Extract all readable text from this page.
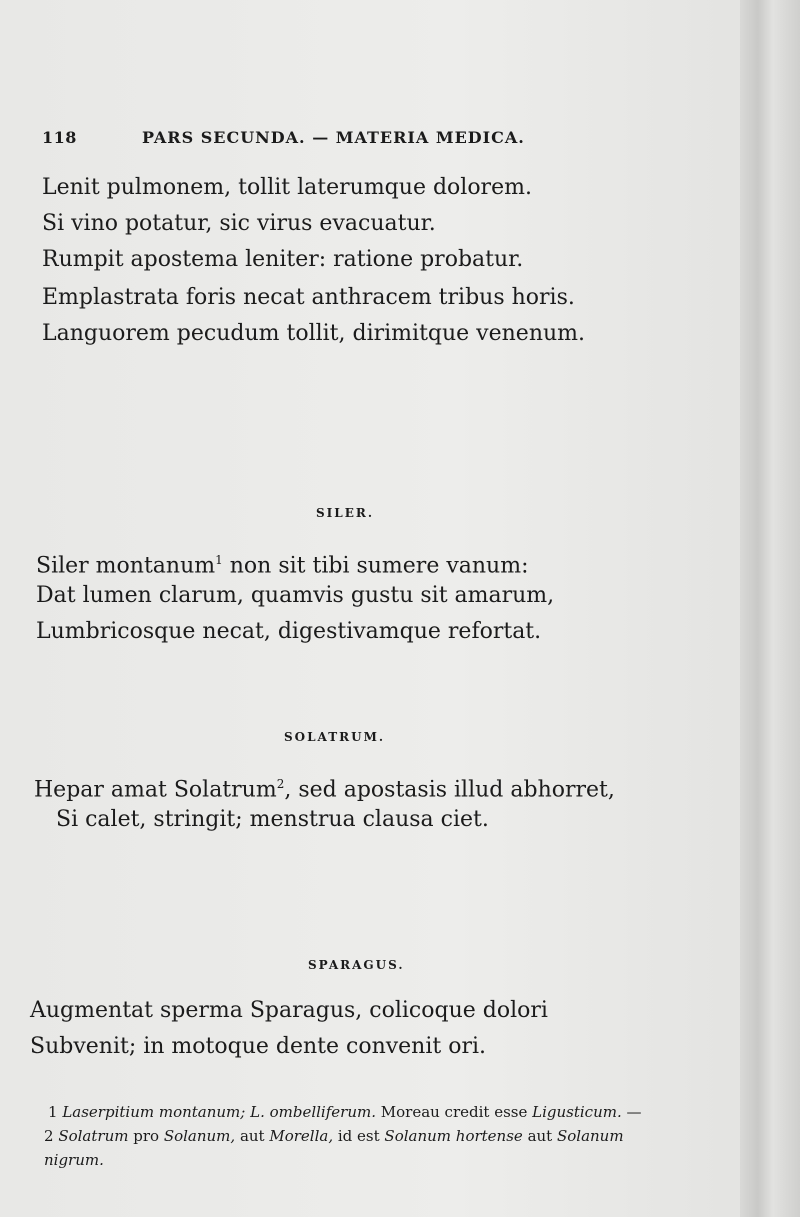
118	PARS SECUNDA. — MATERIA MEDICA.
Lenit pulmonem, tollit laterumque dolorem.
Si vino potatur, sic virus evacuatur.
Rumpit apostema leniter: ratione probatur.
Emplastrata foris necat anthracem tribus horis.
Languorem pecudum tollit, dirimitque venenum.
SILER.
Siler montanum$^1$ non sit tibi sumere vanum:
Dat lumen clarum, quamvis gustu sit amarum,
Lumbricosque necat, digestivamque refortat.
SOLATRUM.
Hepar amat Solatrum$^2$, sed apostasis illud abhorret,
Si calet, stringit; menstrua clausa ciet.
SPARAGUS.
Augmentat sperma Sparagus, colicoque dolori
Subvenit; in motoque dente convenit ori.

1 Laserpitium montanum; L. ombelliferum. Moreau credit esse Ligusticum. — 2 Solatrum pro Solanum, aut Morella, id est Solanum hortense aut Solanum nigrum.
